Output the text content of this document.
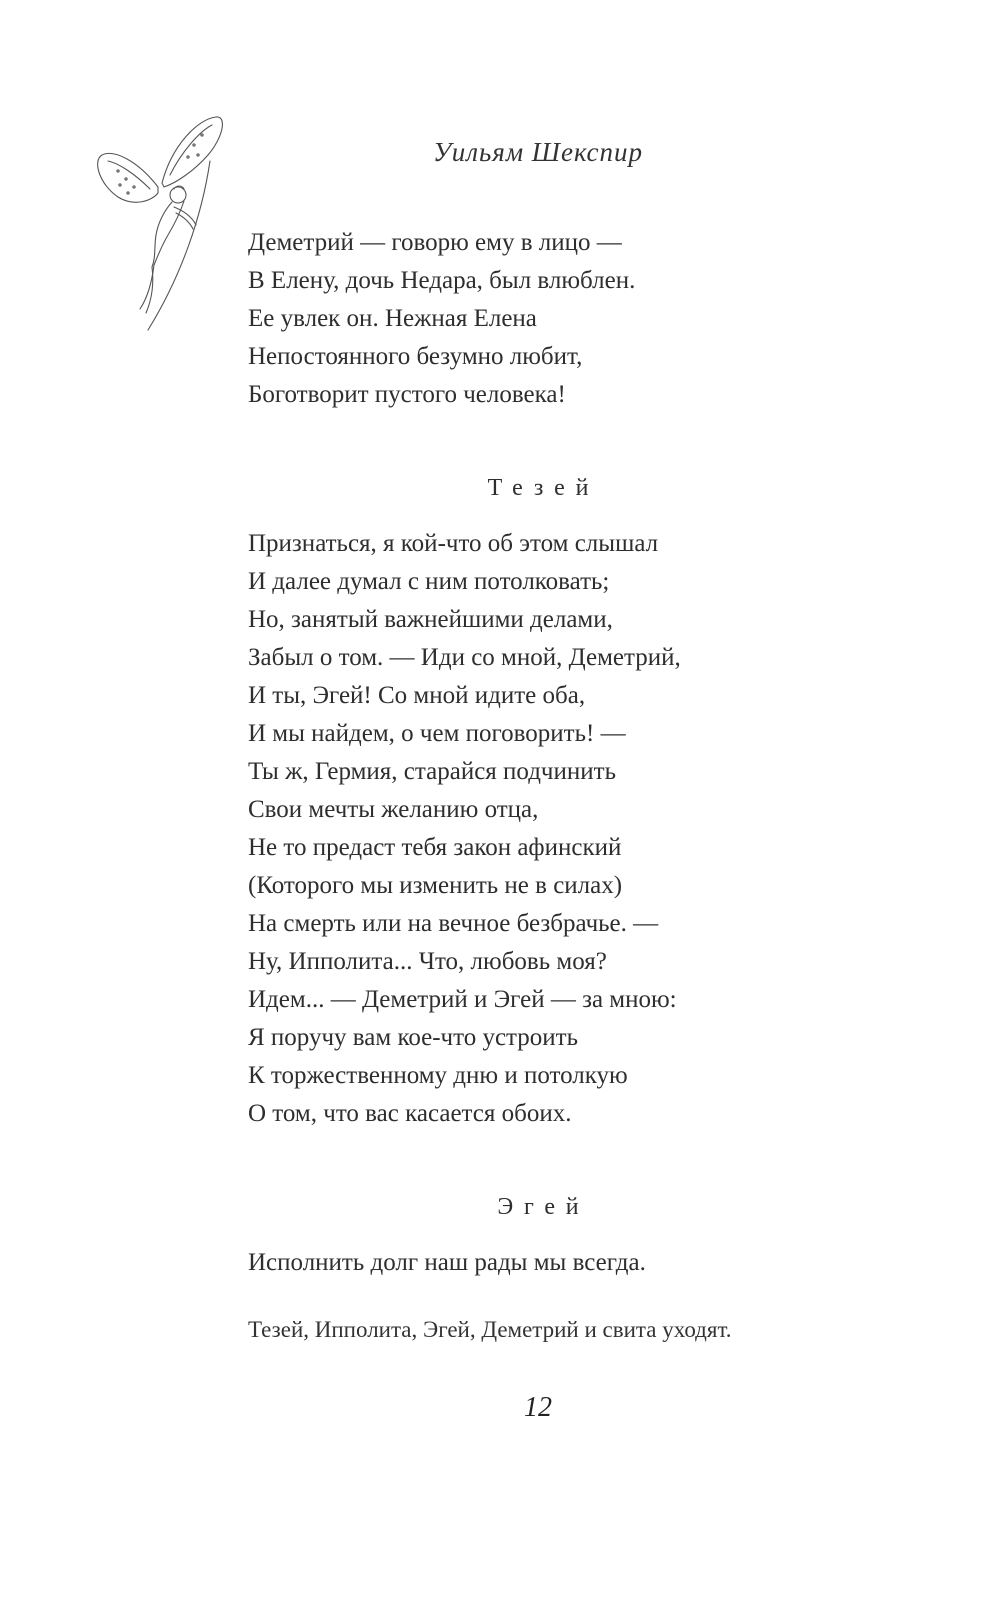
Уильям Шекспир
Деметрий — говорю ему в лицо —
В Елену, дочь Недара, был влюблен.
Ее увлек он. Нежная Елена
Непостоянного безумно любит,
Боготворит пустого человека!
Тезей
Признаться, я кой-что об этом слышал
И далее думал с ним потолковать;
Но, занятый важнейшими делами,
Забыл о том. — Иди со мной, Деметрий,
И ты, Эгей! Со мной идите оба,
И мы найдем, о чем поговорить! —
Ты ж, Гермия, старайся подчинить
Свои мечты желанию отца,
Не то предаст тебя закон афинский
(Которого мы изменить не в силах)
На смерть или на вечное безбрачье. —
Ну, Ипполита... Что, любовь моя?
Идем... — Деметрий и Эгей — за мною:
Я поручу вам кое-что устроить
К торжественному дню и потолкую
О том, что вас касается обоих.
Эгей
Исполнить долг наш рады мы всегда.
Тезей, Ипполита, Эгей, Деметрий и свита уходят.
12
